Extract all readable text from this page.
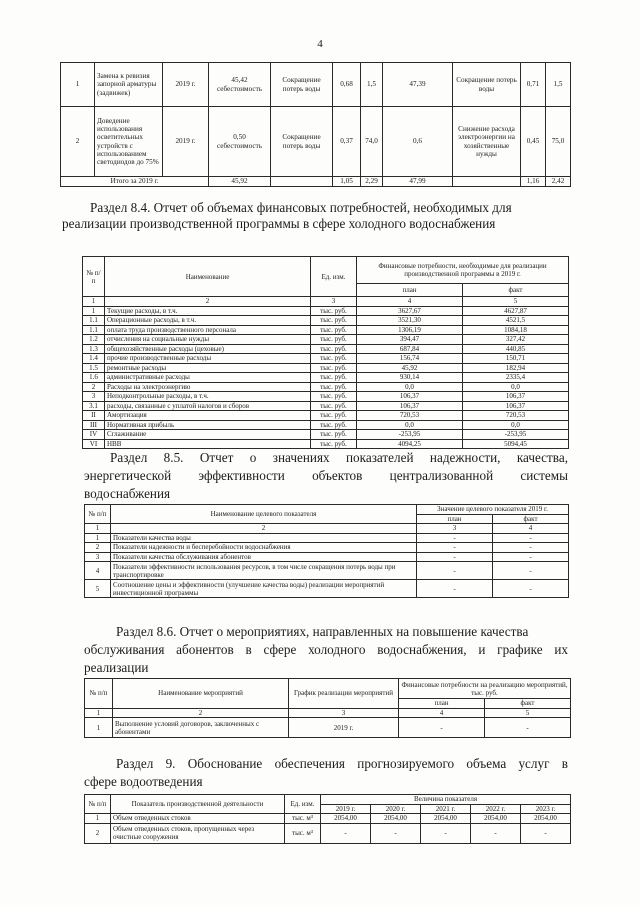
4
1	Замена к ревизия запорной арматуры (задвижек)	2019 г.	45,42 себестоимость	Сокращение потерь воды	0,68	1,5	47,39	Сокращение потерь воды	0,71	1,5
2	Доведение использования осветительных устройств с использованием светодиодов до 75%	2019 г.	0,50 себестоимость	Сокращение потерь воды	0,37	74,0	0,6	Снижение расхода электроэнергии на хозяйственные нужды	0,45	75,0
Итого за 2019 г.			45,92		1,05	2,29	47,99		1,16	2,42
Раздел 8.4. Отчет об объемах финансовых потребностей, необходимых для реализации производственной программы в сфере холодного водоснабжения
№ п/п	Наименование	Ед. изм.	Финансовые потребности, необходимые для реализации производственной программы в 2019 г.	

			план	факт
1	2	3	4	5
1	Текущие расходы, в т.ч.	тыс. руб.	3627,67	4627,87
1.1	Операционные расходы, в т.ч.	тыс. руб.	3521,30	4521,5
1.1	оплата труда производственного персонала	тыс. руб.	1306,19	1084,18
1.2	отчисления на социальные нужды	тыс. руб.	394,47	327,42
1.3	общехозяйственные расходы (цеховые)	тыс. руб.	687,84	440,85
1.4	прочие производственные расходы	тыс. руб.	156,74	150,71
1.5	ремонтные расходы	тыс. руб.	45,92	182,94
1.6	административные расходы	тыс. руб.	930,14	2335,4
2	Расходы на электроэнергию	тыс. руб.	0,0	0,0
3	Неподконтрольные расходы, в т.ч.	тыс. руб.	106,37	106,37
3.1	расходы, связанные с уплатой налогов и сборов	тыс. руб.	106,37	106,37
II	Амортизация	тыс. руб.	720,53	720,53
III	Нормативная прибыль	тыс. руб.	0,0	0,0
IV	Сглаживание	тыс. руб.	-253,95	-253,95
VI	НВВ	тыс. руб.	4094,25	5094,45
Раздел 8.5. Отчет о значениях показателей надежности, качества,
энергетической эффективности объектов централизованной системы
водоснабжения
№ п/п	Наименование целевого показателя	Значение целевого показателя 2019 г.	
		план	факт

1	2	3	4
1	Показатели качества воды	-	-
2	Показатели надежности и бесперебойности водоснабжения	-	-
3	Показатели качества обслуживания абонентов	-	-
4	Показатели эффективности использования ресурсов, в том числе сокращения потерь воды при транспортировке	-	-
5	Соотношение цены и эффективности (улучшение качества воды) реализации мероприятий инвестиционной программы	-	-
Раздел 8.6. Отчет о мероприятиях, направленных на повышение качества
обслуживания абонентов в сфере холодного водоснабжения, и графике их
реализации
№ п/п	Наименование мероприятий	График реализации мероприятий	Финансовые потребности на реализацию мероприятий, тыс. руб.	
			план	факт
1	2	3	4	5
1	Выполнение условий договоров, заключенных с абонентами	2019 г.	-	-
Раздел 9. Обоснование обеспечения прогнозируемого объема услуг в
сфере водоотведения
№ п/п	Показатель производственной деятельности	Ед. изм.	Величина показателя				
			2019 г.	2020 г.	2021 г.	2022 г.	2023 г.
1	Объем отведенных стоков	тыс. м³	2054,00	2054,00	2054,00	2054,00	2054,00
2	Объем отведенных стоков, пропущенных через очистные сооружения	тыс. м³	-	-	-	-	-
